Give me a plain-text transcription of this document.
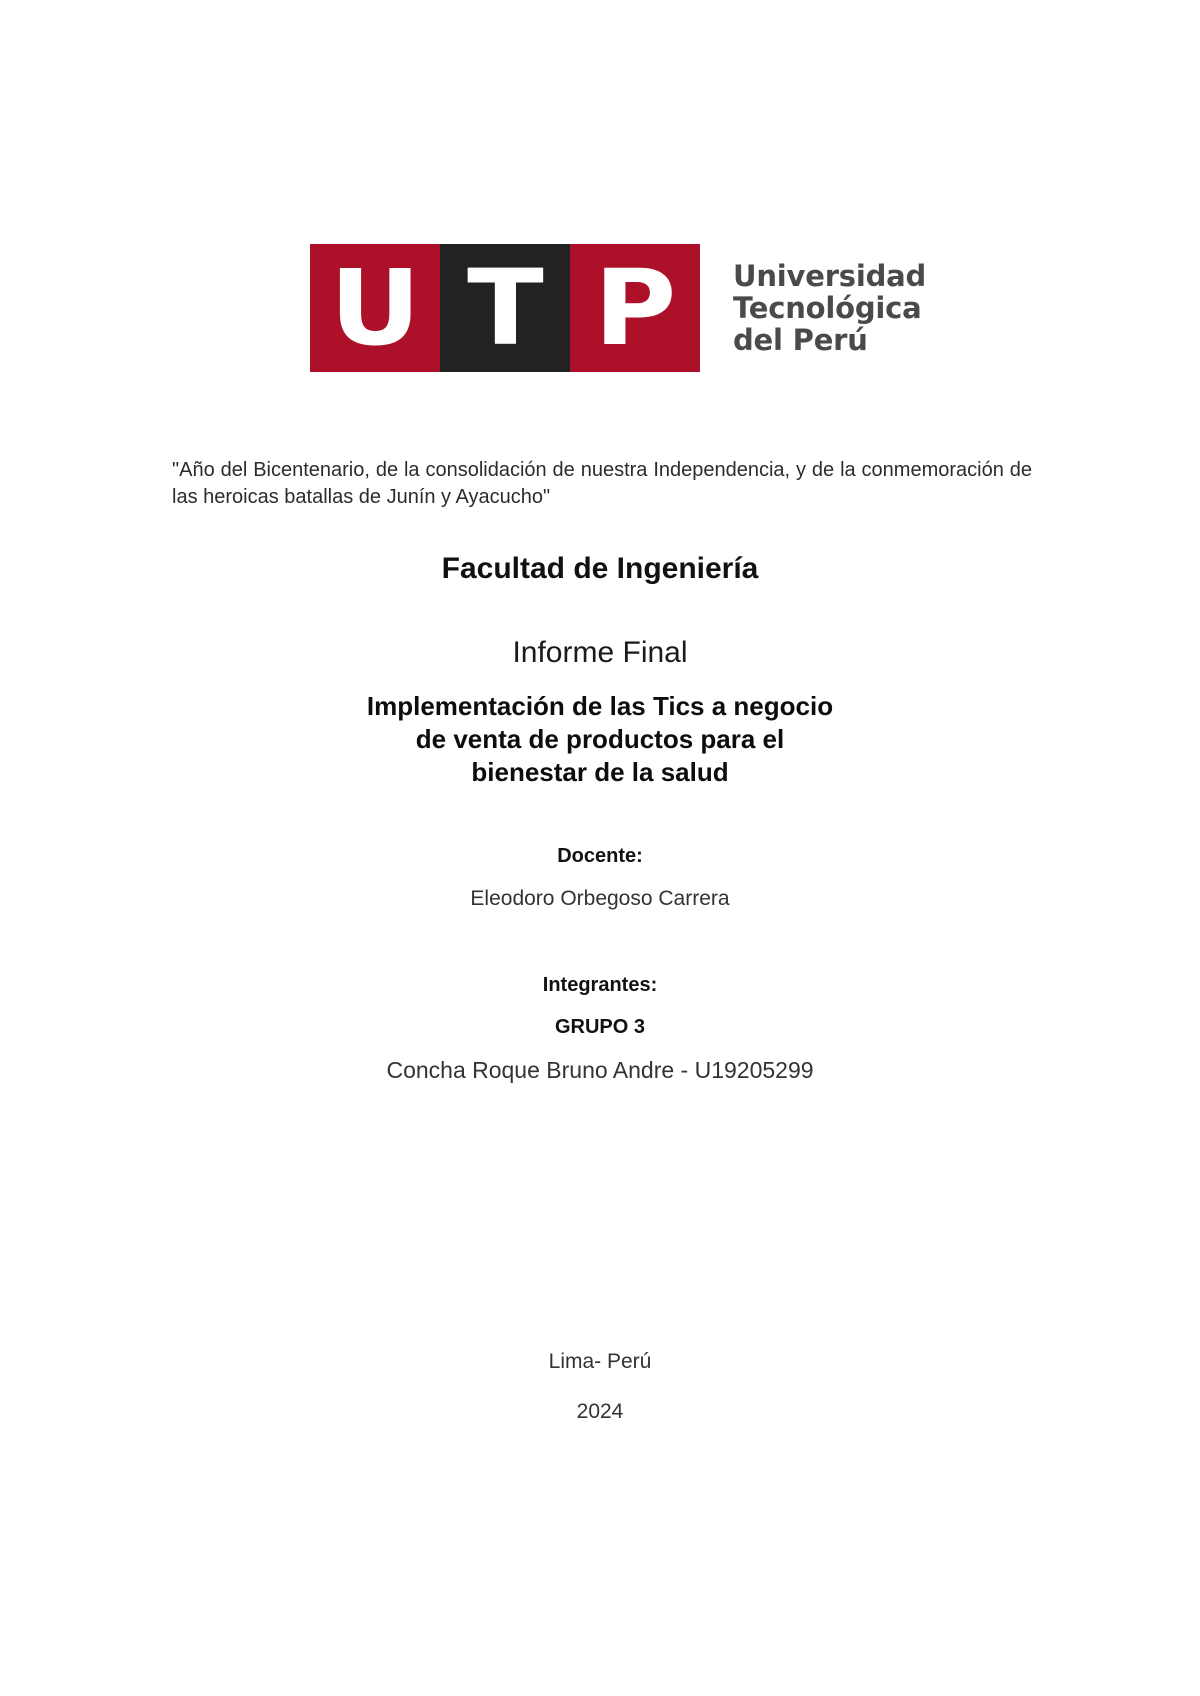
U T P Universidad
Tecnológica
del Perú
"Año del Bicentenario, de la consolidación de nuestra Independencia, y de la conmemoración de las heroicas batallas de Junín y Ayacucho"
Facultad de Ingeniería
Informe Final
Implementación de las Tics a negocio
de venta de productos para el
bienestar de la salud
Docente:
Eleodoro Orbegoso Carrera
Integrantes:
GRUPO 3
Concha Roque Bruno Andre - U19205299
Lima- Perú
2024
